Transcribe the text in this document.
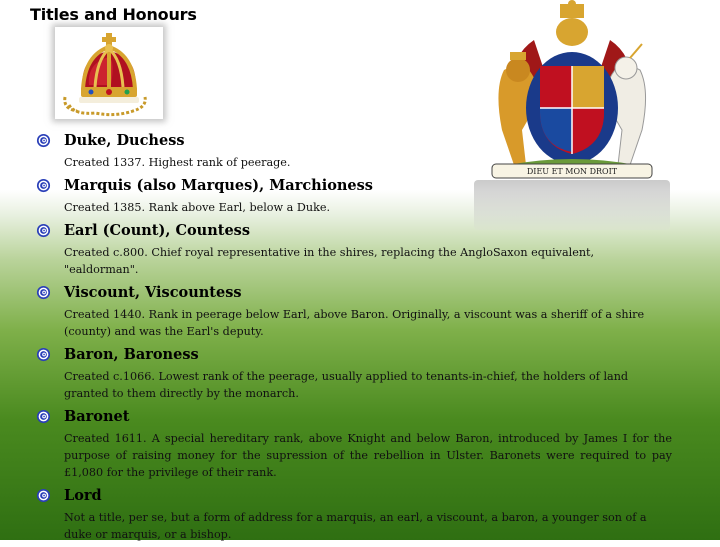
Titles and Honours
DIEU ET MON DROIT
Duke, Duchess
Created 1337. Highest rank of peerage.
Marquis (also Marques), Marchioness
Created 1385. Rank above Earl, below a Duke.
Earl (Count), Countess
Created c.800. Chief royal representative in the shires, replacing the AngloSaxon equivalent, "ealdorman".
Viscount, Viscountess
Created 1440. Rank in peerage below Earl, above Baron. Originally, a viscount was a sheriff of a shire (county) and was the Earl's deputy.
Baron, Baroness
Created c.1066. Lowest rank of the peerage, usually applied to tenants-in-chief, the holders of land granted to them directly by the monarch.
Baronet
Created 1611. A special hereditary rank, above Knight and below Baron, introduced by James I for the purpose of raising money for the supression of the rebellion in Ulster. Baronets were required to pay £1,080 for the privilege of their rank.
Lord
Not a title, per se, but a form of address for a marquis, an earl, a viscount, a baron, a younger son of a duke or marquis, or a bishop.
